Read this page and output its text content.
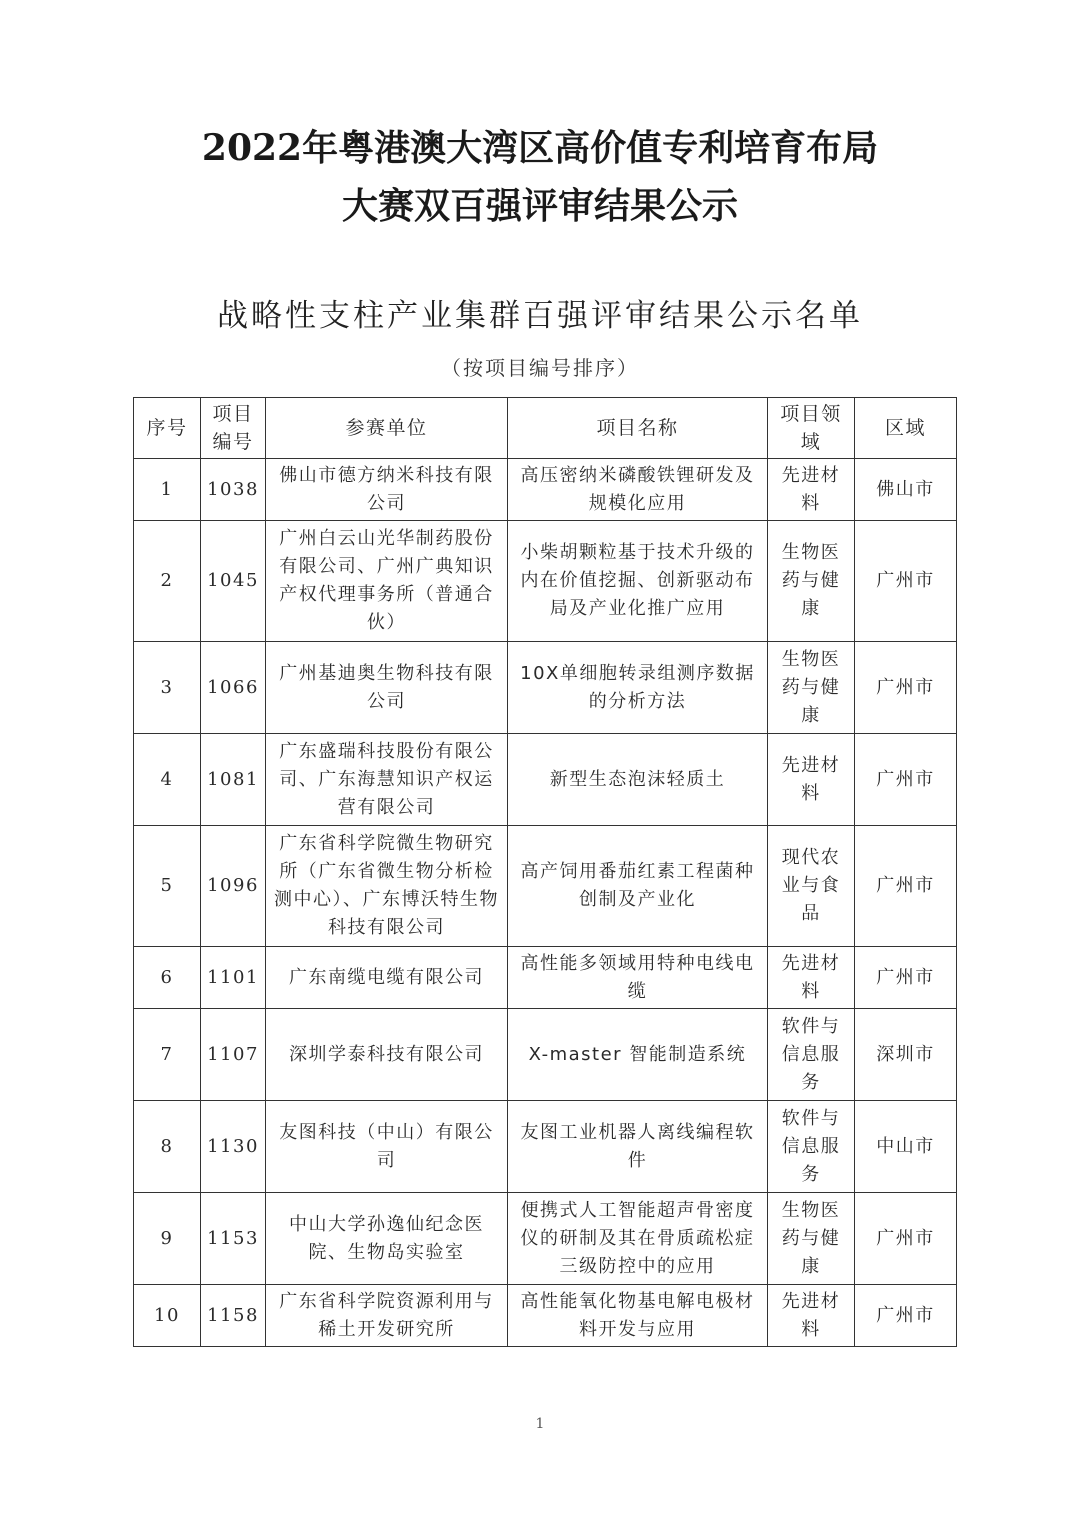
2022年粤港澳大湾区高价值专利培育布局
大赛双百强评审结果公示
战略性支柱产业集群百强评审结果公示名单
（按项目编号排序）
序号	项目编号	参赛单位	项目名称	项目领域	区域
1	1038	佛山市德方纳米科技有限公司	高压密纳米磷酸铁锂研发及规模化应用	先进材料	佛山市
2	1045	广州白云山光华制药股份有限公司、广州广典知识产权代理事务所（普通合伙）	小柴胡颗粒基于技术升级的内在价值挖掘、创新驱动布局及产业化推广应用	生物医药与健康	广州市
3	1066	广州基迪奥生物科技有限公司	10X单细胞转录组测序数据的分析方法	生物医药与健康	广州市
4	1081	广东盛瑞科技股份有限公司、广东海慧知识产权运营有限公司	新型生态泡沫轻质土	先进材料	广州市
5	1096	广东省科学院微生物研究所（广东省微生物分析检测中心）、广东博沃特生物科技有限公司	高产饲用番茄红素工程菌种创制及产业化	现代农业与食品	广州市
6	1101	广东南缆电缆有限公司	高性能多领域用特种电线电缆	先进材料	广州市
7	1107	深圳学泰科技有限公司	X-master 智能制造系统	软件与信息服务	深圳市
8	1130	友图科技（中山）有限公司	友图工业机器人离线编程软件	软件与信息服务	中山市
9	1153	中山大学孙逸仙纪念医院、生物岛实验室	便携式人工智能超声骨密度仪的研制及其在骨质疏松症三级防控中的应用	生物医药与健康	广州市
10	1158	广东省科学院资源利用与稀土开发研究所	高性能氧化物基电解电极材料开发与应用	先进材料	广州市
1
